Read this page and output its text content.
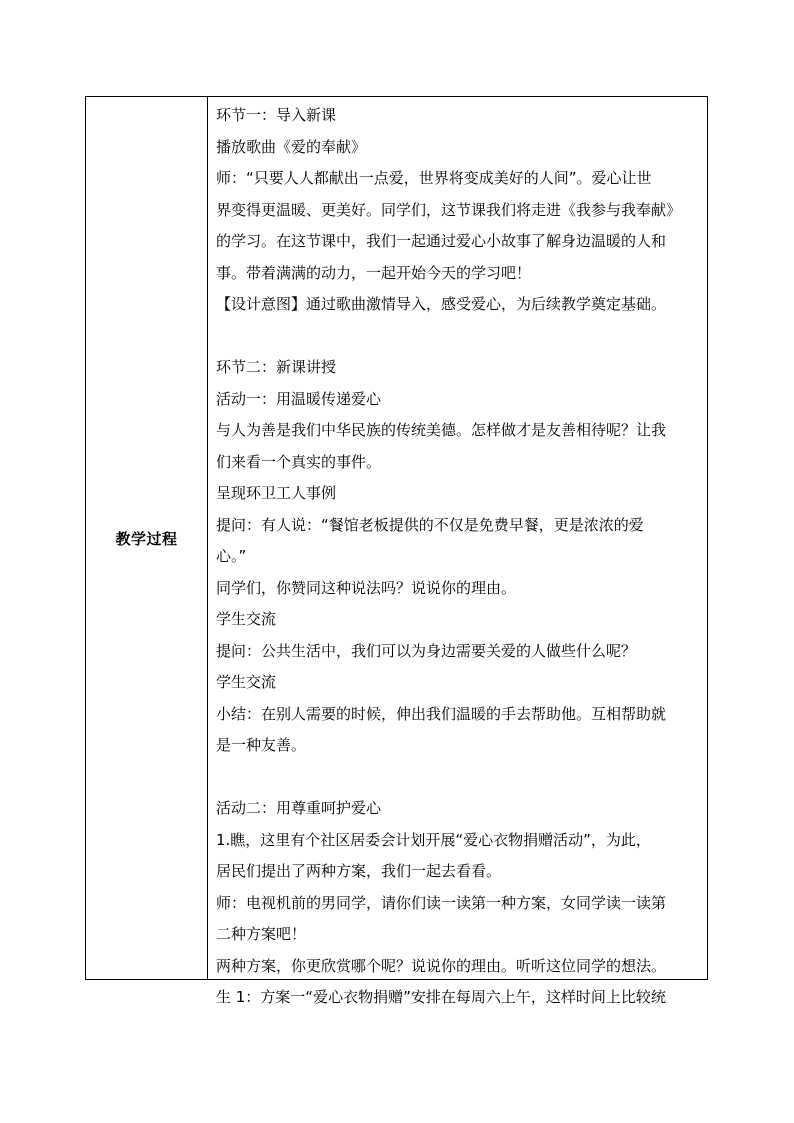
教学过程
环节一：导入新课
播放歌曲《爱的奉献》
师：“只要人人都献出一点爱，世界将变成美好的人间”。爱心让世
界变得更温暖、更美好。同学们，这节课我们将走进《我参与我奉献》
的学习。在这节课中，我们一起通过爱心小故事了解身边温暖的人和
事。带着满满的动力，一起开始今天的学习吧！
【设计意图】通过歌曲激情导入，感受爱心，为后续教学奠定基础。
环节二：新课讲授
活动一：用温暖传递爱心
与人为善是我们中华民族的传统美德。怎样做才是友善相待呢？让我
们来看一个真实的事件。
呈现环卫工人事例
提问：有人说：“餐馆老板提供的不仅是免费早餐，更是浓浓的爱
心。”
同学们，你赞同这种说法吗？说说你的理由。
学生交流
提问：公共生活中，我们可以为身边需要关爱的人做些什么呢？
学生交流
小结：在别人需要的时候，伸出我们温暖的手去帮助他。互相帮助就
是一种友善。
活动二：用尊重呵护爱心
1.瞧，这里有个社区居委会计划开展“爱心衣物捐赠活动”，为此，
居民们提出了两种方案，我们一起去看看。
师：电视机前的男同学，请你们读一读第一种方案，女同学读一读第
二种方案吧！
两种方案，你更欣赏哪个呢？说说你的理由。听听这位同学的想法。
生 1：方案一“爱心衣物捐赠”安排在每周六上午，这样时间上比较统
